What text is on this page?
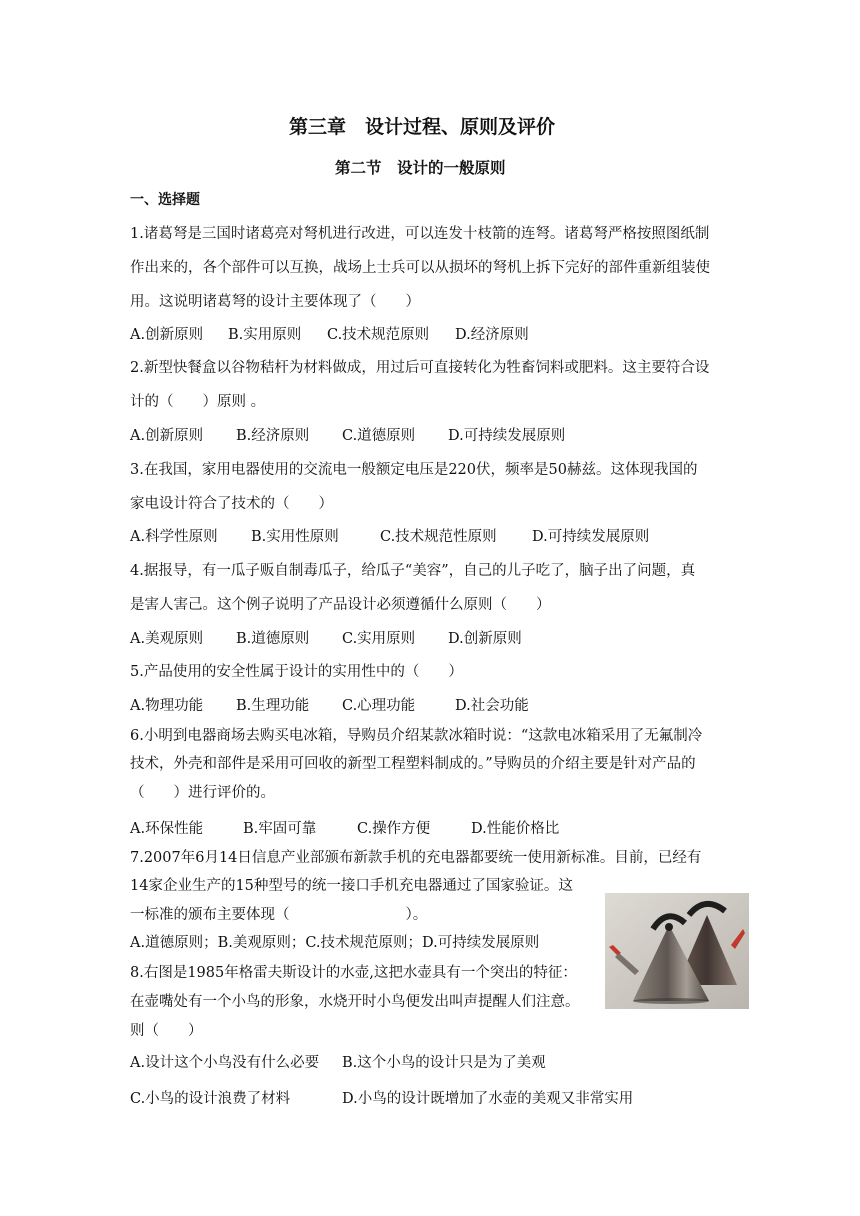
第三章　设计过程、原则及评价
第二节　设计的一般原则
一、选择题
1.诸葛弩是三国时诸葛亮对弩机进行改进，可以连发十枝箭的连弩。诸葛弩严格按照图纸制
作出来的，各个部件可以互换，战场上士兵可以从损坏的弩机上拆下完好的部件重新组装使
用。这说明诸葛弩的设计主要体现了（　　）
A.创新原则 B.实用原则 C.技术规范原则 D.经济原则
2.新型快餐盒以谷物秸杆为材料做成，用过后可直接转化为牲畜饲料或肥料。这主要符合设
计的（　　）原则 。
A.创新原则 B.经济原则 C.道德原则 D.可持续发展原则
3.在我国，家用电器使用的交流电一般额定电压是220伏，频率是50赫兹。这体现我国的
家电设计符合了技术的（　　）
A.科学性原则 B.实用性原则	C.技术规范性原则 D.可持续发展原则
4.据报导，有一瓜子贩自制毒瓜子，给瓜子“美容”，自己的儿子吃了，脑子出了问题，真
是害人害己。这个例子说明了产品设计必须遵循什么原则（　　）
A.美观原则 B.道德原则 C.实用原则 D.创新原则
5.产品使用的安全性属于设计的实用性中的（　　）
A.物理功能 B.生理功能 C.心理功能	D.社会功能
6.小明到电器商场去购买电冰箱，导购员介绍某款冰箱时说：“这款电冰箱采用了无氟制冷
技术，外壳和部件是采用可回收的新型工程塑料制成的。”导购员的介绍主要是针对产品的
（　　）进行评价的。
A.环保性能	B.牢固可靠	C.操作方便	D.性能价格比
7.2007年6月14日信息产业部颁布新款手机的充电器都要统一使用新标准。目前，已经有
14家企业生产的15种型号的统一接口手机充电器通过了国家验证。这
一标准的颁布主要体现（　　　　　　　　）。
A.道德原则；B.美观原则；C.技术规范原则；D.可持续发展原则
8.右图是1985年格雷夫斯设计的水壶,这把水壶具有一个突出的特征：
在壶嘴处有一个小鸟的形象，水烧开时小鸟便发出叫声提醒人们注意。
则（　　）
A.设计这个小鸟没有什么必要 B.这个小鸟的设计只是为了美观
C.小鸟的设计浪费了材料	D.小鸟的设计既增加了水壶的美观又非常实用
